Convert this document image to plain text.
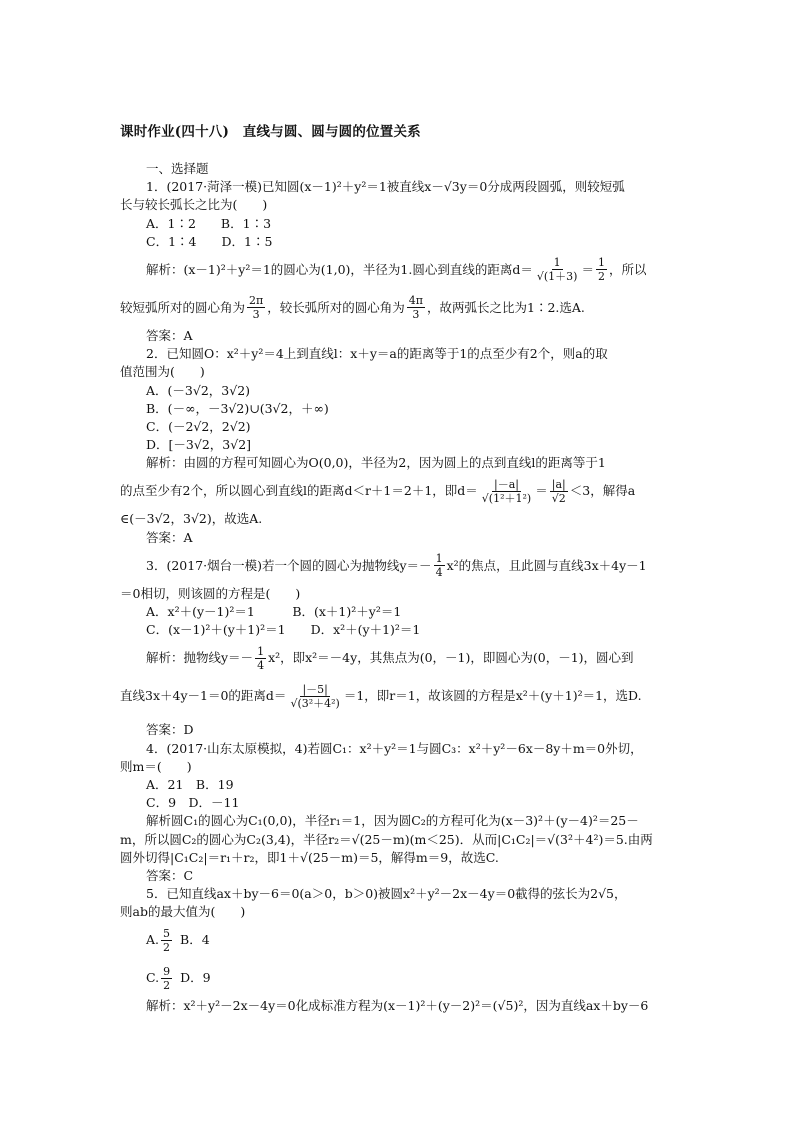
课时作业(四十八)　直线与圆、圆与圆的位置关系
一、选择题
1．(2017·菏泽一模)已知圆(x－1)²＋y²＝1被直线x－√3y＝0分成两段圆弧，则较短弧
长与较长弧长之比为(　　)
A．1∶2　　B．1∶3
C．1∶4　　D．1∶5
解析：(x－1)²＋y²＝1的圆心为(1,0)，半径为1.圆心到直线的距离$d= \frac{1}{√(1+3)} = \frac{1}{2}$ ，所以
较短弧所对的圆心角为 $\frac{2\pi}{3}$ ，较长弧所对的圆心角为 $\frac{4\pi}{3}$ ，故两弧长之比为1∶2.选A.
答案：A
2．已知圆O：x²＋y²＝4上到直线l：x＋y＝a的距离等于1的点至少有2个，则a的取
值范围为(　　)
A．(－3√2，3√2)
B．(－∞，－3√2)∪(3√2，＋∞)
C．(－2√2，2√2)
D．[－3√2，3√2]
解析：由圆的方程可知圆心为O(0,0)，半径为2，因为圆上的点到直线l的距离等于1
的点至少有2个，所以圆心到直线l的距离d＜r＋1＝2＋1，即$d= \frac{|-a|}{\text{√(1²＋1²)}} = \frac{|a|}{√2} <3$，解得a
∈(－3√2，3√2)，故选A.
答案：A
3．(2017·烟台一模)若一个圆的圆心为抛物线$y=- \frac{1}{4} x^2$的焦点，且此圆与直线3x＋4y－1
＝0相切，则该圆的方程是(　　)
A．x²＋(y－1)²＝1　　　B．(x＋1)²＋y²＝1
C．(x－1)²＋(y＋1)²＝1　　D．x²＋(y＋1)²＝1
解析：抛物线$y=- \frac{1}{4} x^2$，即x²＝－4y，其焦点为(0，－1)，即圆心为(0，－1)，圆心到
直线3x＋4y－1＝0的距离$d= \frac{|-5|}{\text{√(3²＋4²)}} =1$，即r＝1，故该圆的方程是x²＋(y＋1)²＝1，选D.
答案：D
4．(2017·山东太原模拟，4)若圆C₁：x²＋y²＝1与圆C₃：x²＋y²－6x－8y＋m＝0外切，
则m＝(　　)
A．21　B．19
C．9　D．－11
解析圆C₁的圆心为C₁(0,0)，半径r₁＝1，因为圆C₂的方程可化为(x－3)²＋(y－4)²＝25－
m，所以圆C₂的圆心为C₂(3,4)，半径r₂＝√(25－m)(m＜25)．从而|C₁C₂|＝√(3²＋4²)＝5.由两
圆外切得|C₁C₂|＝r₁＋r₂，即1＋√(25－m)＝5，解得m＝9，故选C.
答案：C
5．已知直线ax＋by－6＝0(a＞0，b＞0)被圆x²＋y²－2x－4y＝0截得的弦长为2√5，
则ab的最大值为(　　)
A. $\frac{5}{2}$ B．4
C. $\frac{9}{2}$ D．9
解析：x²＋y²－2x－4y＝0化成标准方程为(x－1)²＋(y－2)²＝(√5)²，因为直线ax＋by－6
